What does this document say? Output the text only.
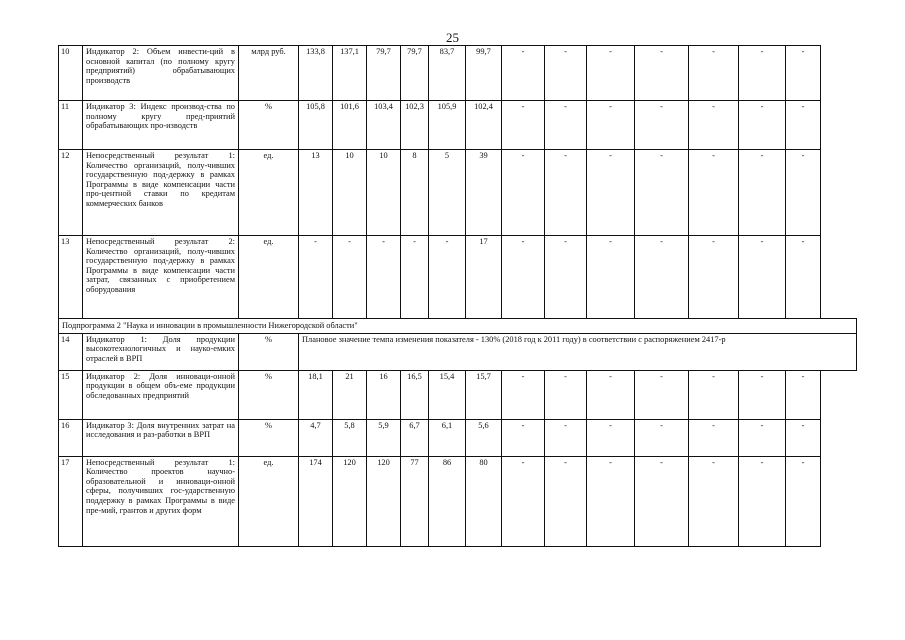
25
10	Индикатор 2: Объем инвести-ций в основной капитал (по полному кругу предприятий) обрабатывающих производств	млрд руб.	133,8	137,1	79,7	79,7	83,7	99,7	-	-	-	-	-	-	-
11	Индикатор 3: Индекс производ-ства по полному кругу пред-приятий обрабатывающих про-изводств	%	105,8	101,6	103,4	102,3	105,9	102,4	-	-	-	-	-	-	-
12	Непосредственный результат 1: Количество организаций, полу-чивших государственную под-держку в рамках Программы в виде компенсации части про-центной ставки по кредитам коммерческих банков	ед.	13	10	10	8	5	39	-	-	-	-	-	-	-
13	Непосредственный результат 2: Количество организаций, полу-чивших государственную под-держку в рамках Программы в виде компенсации части затрат, связанных с приобретением оборудования	ед.	-	-	-	-	-	17	-	-	-	-	-	-	-
Подпрограмма 2 "Наука и инновации в промышленности Нижегородской области"															
14	Индикатор 1: Доля продукции высокотехнологичных и науко-емких отраслей в ВРП	%	Плановое значение темпа изменения показателя - 130% (2018 год к 2011 году) в соответствии с распоряжением 2417-р												
15	Индикатор 2: Доля инноваци-онной продукции в общем объ-еме продукции обследованных предприятий	%	18,1	21	16	16,5	15,4	15,7	-	-	-	-	-	-	-
16	Индикатор 3: Доля внутренних затрат на исследования и раз-работки в ВРП	%	4,7	5,8	5,9	6,7	6,1	5,6	-	-	-	-	-	-	-
17	Непосредственный результат 1: Количество проектов научно-образовательной и инноваци-онной сферы, получивших гос-ударственную поддержку в рамках Программы в виде пре-мий, грантов и других форм	ед.	174	120	120	77	86	80	-	-	-	-	-	-	-
